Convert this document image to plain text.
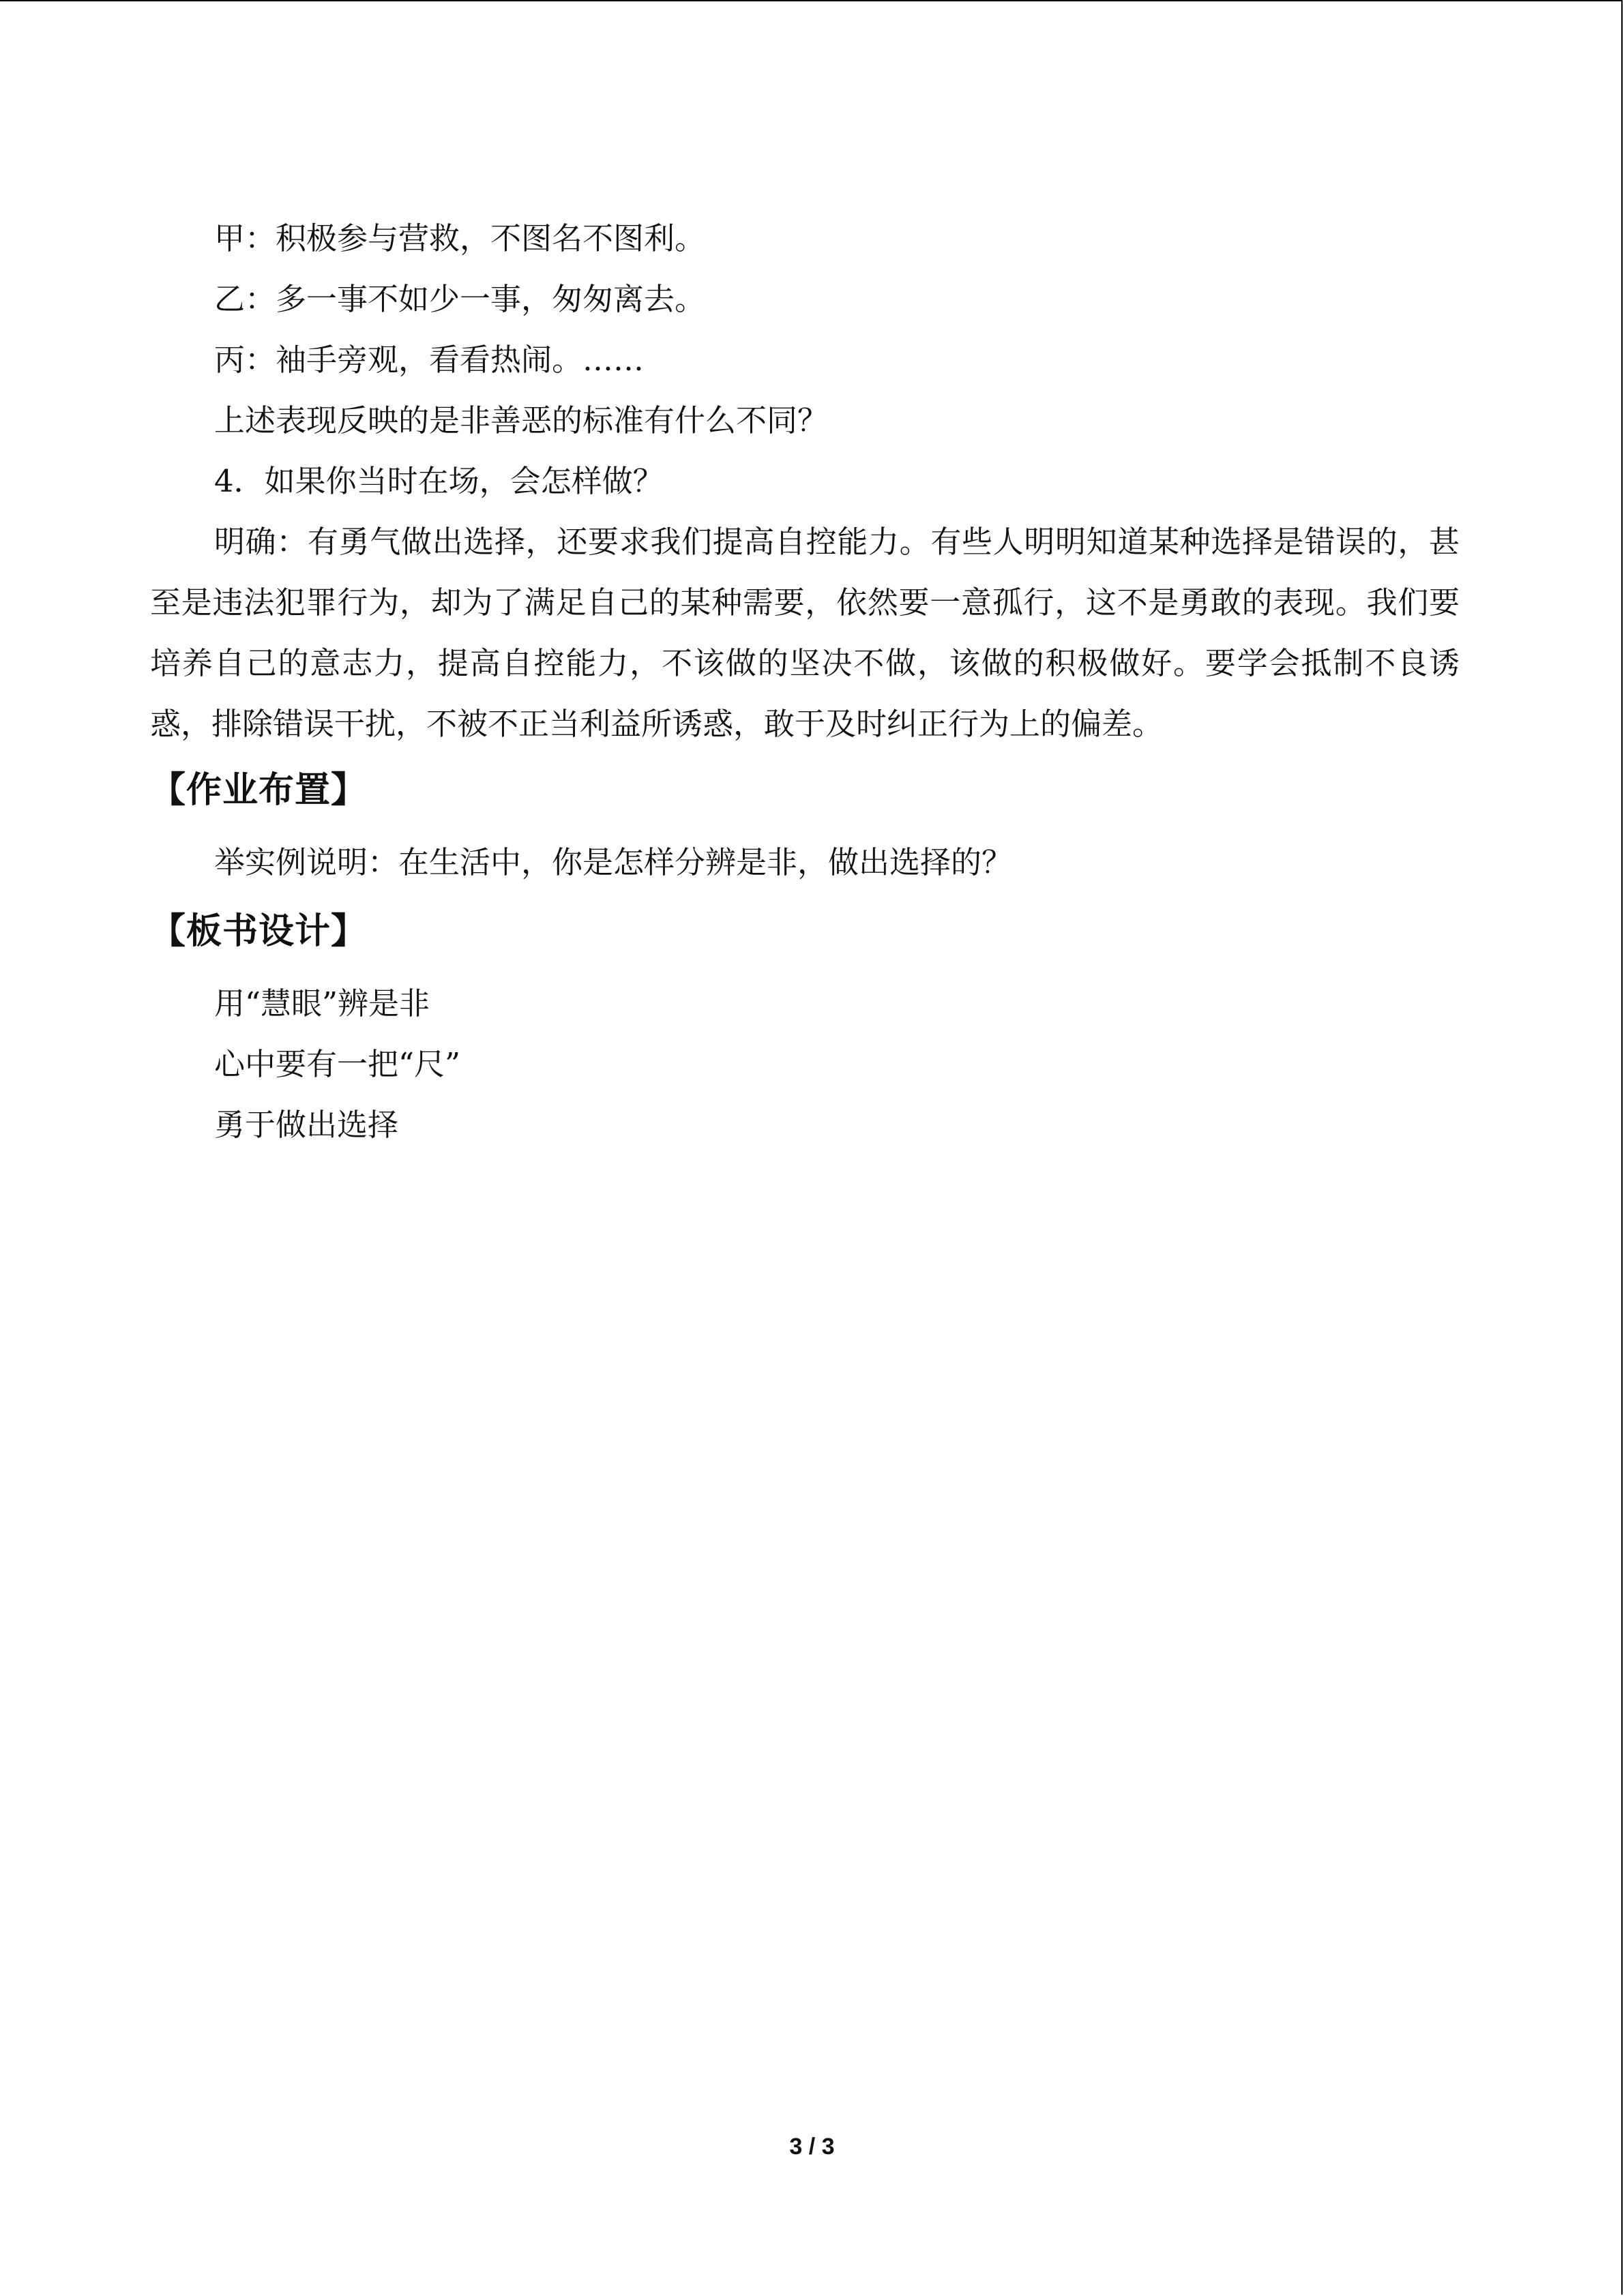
甲：积极参与营救，不图名不图利。

乙：多一事不如少一事，匆匆离去。

丙：袖手旁观，看看热闹。……

上述表现反映的是非善恶的标准有什么不同？

4．如果你当时在场，会怎样做？

明确：有勇气做出选择，还要求我们提高自控能力。有些人明明知道某种选择是错误的，甚至是违法犯罪行为，却为了满足自己的某种需要，依然要一意孤行，这不是勇敢的表现。我们要培养自己的意志力，提高自控能力，不该做的坚决不做，该做的积极做好。要学会抵制不良诱惑，排除错误干扰，不被不正当利益所诱惑，敢于及时纠正行为上的偏差。

【作业布置】

举实例说明：在生活中，你是怎样分辨是非，做出选择的？

【板书设计】

用“慧眼”辨是非

心中要有一把“尺”

勇于做出选择

3 / 3
